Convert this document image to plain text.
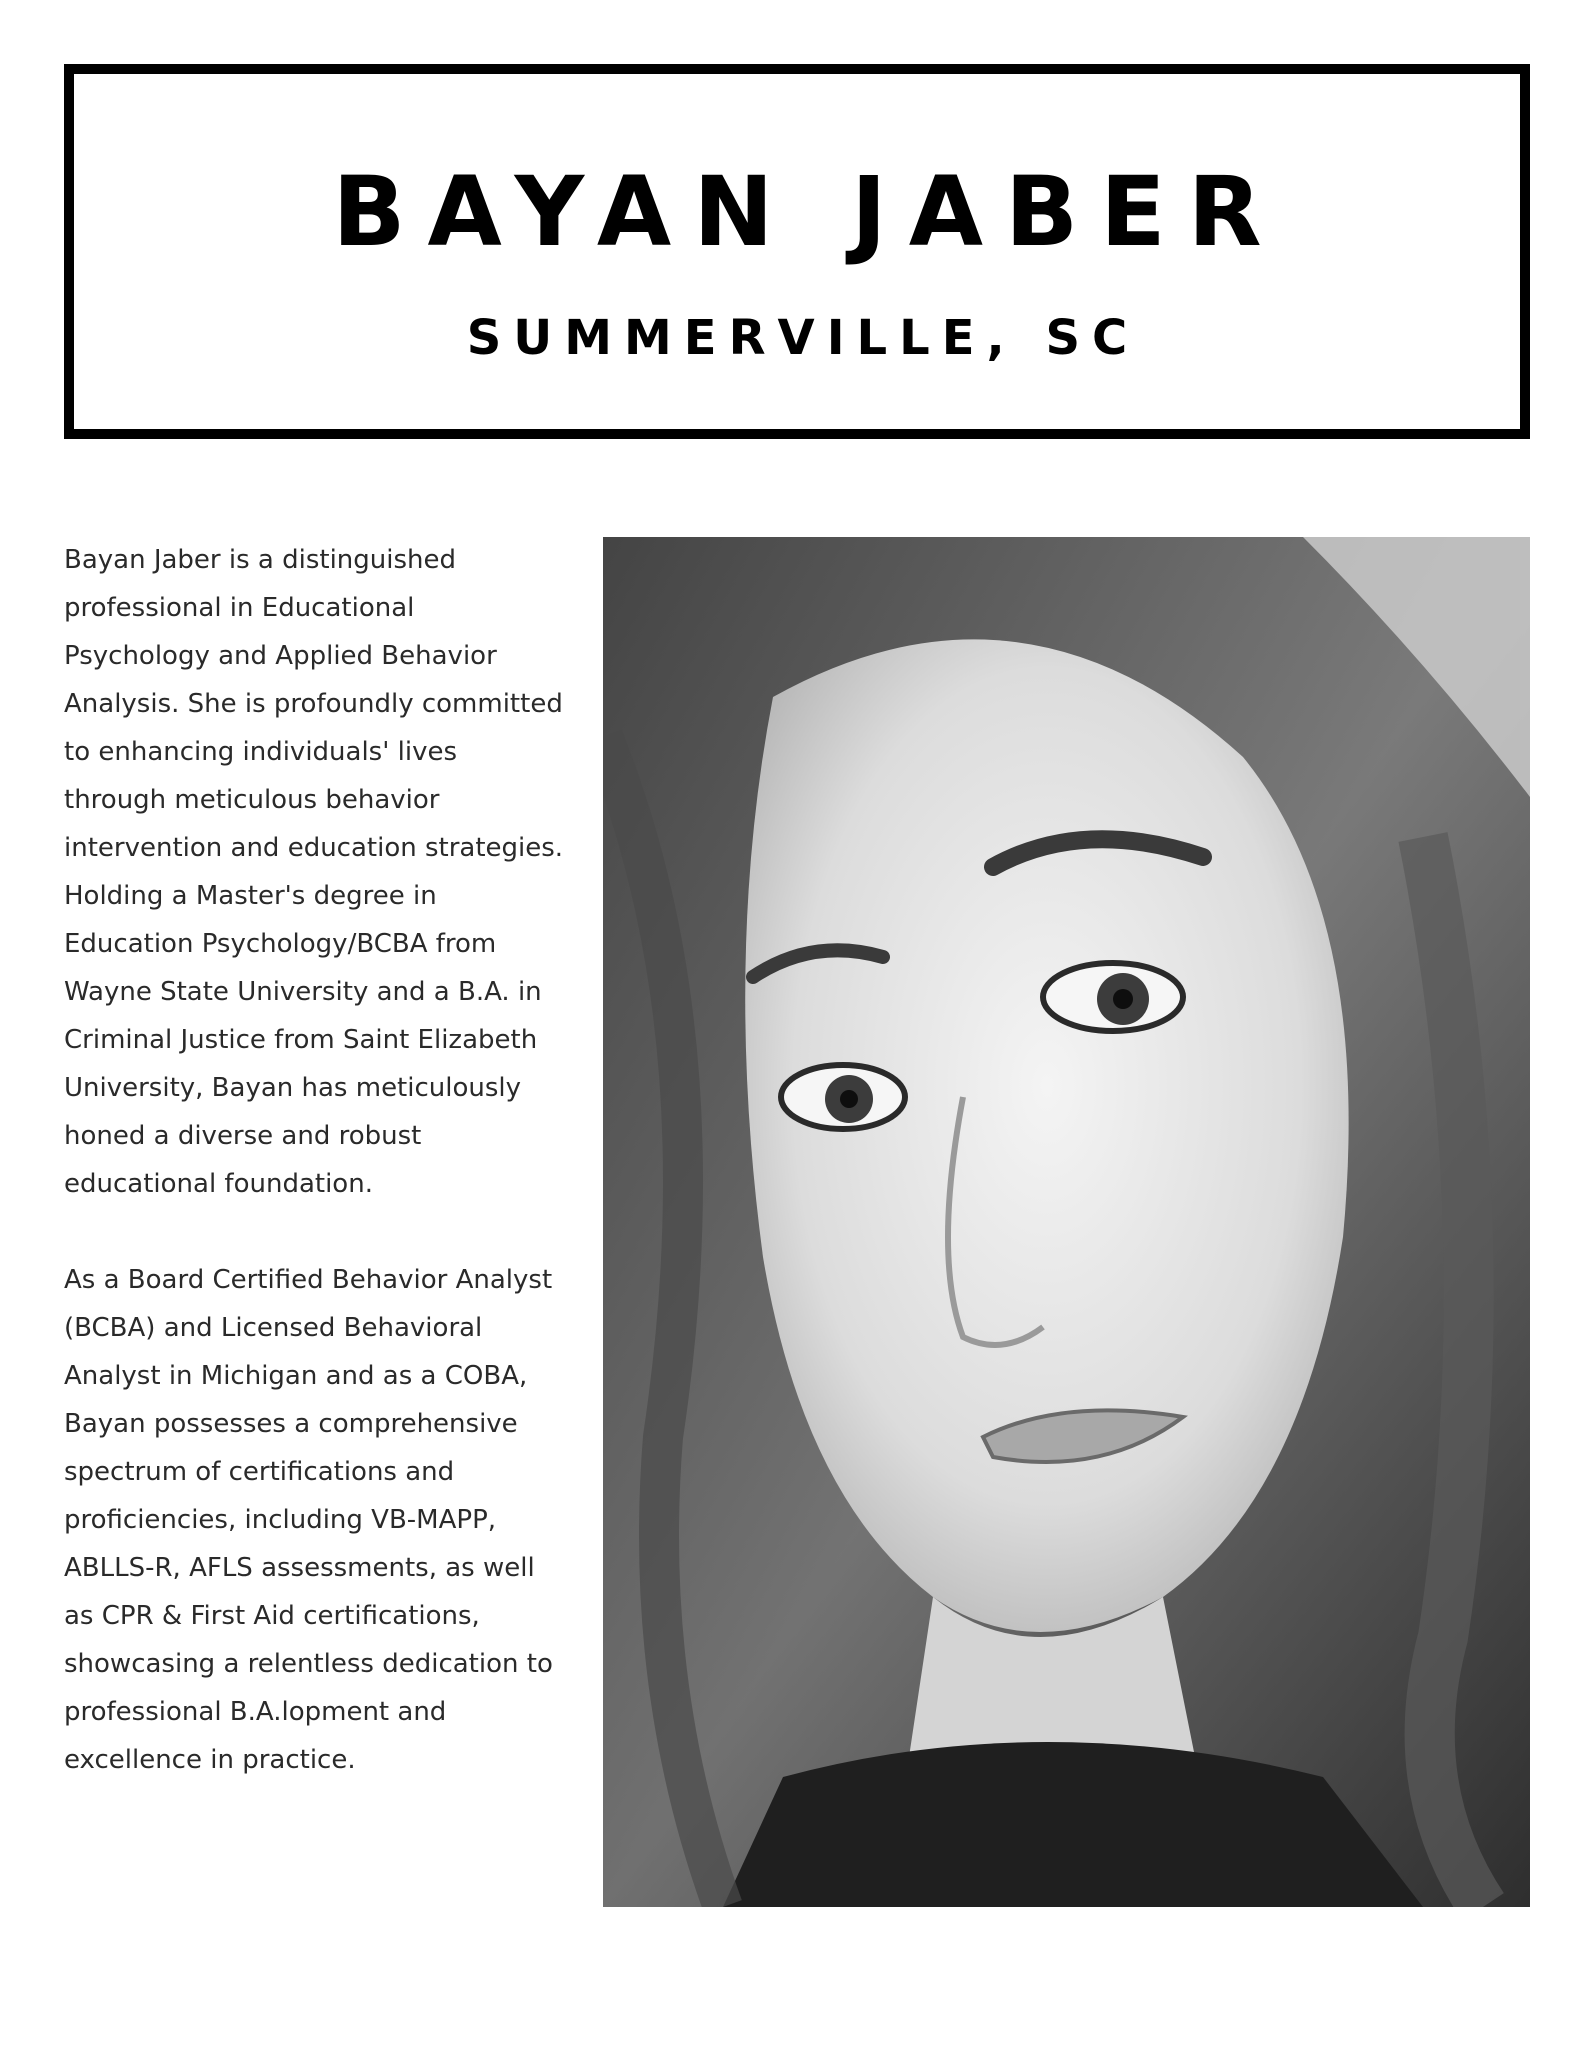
BAYAN JABER
SUMMERVILLE, SC

Bayan Jaber is a distinguished professional in Educational Psychology and Applied Behavior Analysis. She is profoundly committed to enhancing individuals' lives through meticulous behavior intervention and education strategies. Holding a Master's degree in Education Psychology/BCBA from Wayne State University and a B.A. in Criminal Justice from Saint Elizabeth University, Bayan has meticulously honed a diverse and robust educational foundation.

As a Board Certified Behavior Analyst (BCBA) and Licensed Behavioral Analyst in Michigan and as a COBA, Bayan possesses a comprehensive spectrum of certifications and proficiencies, including VB-MAPP, ABLLS-R, AFLS assessments, as well as CPR & First Aid certifications, showcasing a relentless dedication to professional B.A.lopment and excellence in practice.
